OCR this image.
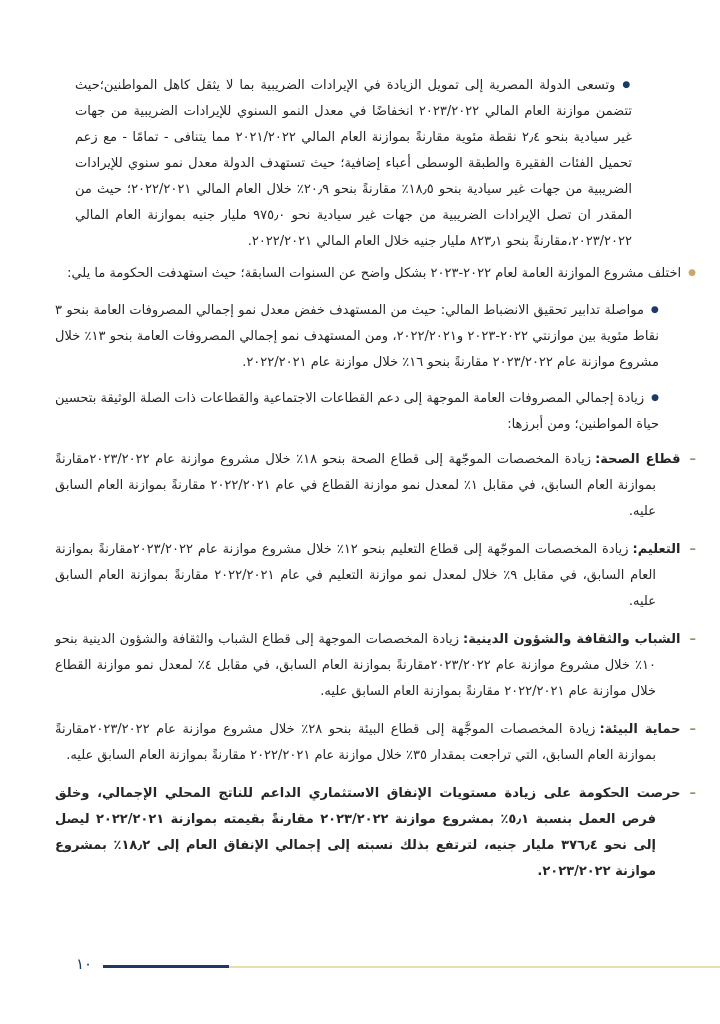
●وتسعى الدولة المصرية إلى تمويل الزيادة في الإيرادات الضريبية بما لا يثقل كاهل المواطنين؛حيث تتضمن موازنة العام المالي ٢٠٢٣/٢٠٢٢ انخفاضًا في معدل النمو السنوي للإيرادات الضريبية من جهات غير سيادية بنحو ٢٫٤ نقطة مئوية مقارنةً بموازنة العام المالي ٢٠٢١/٢٠٢٢ مما يتنافى - تمامًا - مع زعم تحميل الفئات الفقيرة والطبقة الوسطى أعباء إضافية؛ حيث تستهدف الدولة معدل نمو سنوي للإيرادات الضريبية من جهات غير سيادية بنحو ١٨٫٥٪ مقارنةً بنحو ٢٠٫٩٪ خلال العام المالي ٢٠٢٢/٢٠٢١؛ حيث من المقدر ان تصل الإيرادات الضريبية من جهات غير سيادية نحو ٩٧٥٫٠ مليار جنيه بموازنة العام المالي ٢٠٢٣/٢٠٢٢،مقارنةً بنحو ٨٢٣٫١ مليار جنيه خلال العام المالي ٢٠٢٢/٢٠٢١.
●اختلف مشروع الموازنة العامة لعام ٢٠٢٢-٢٠٢٣ بشكل واضح عن السنوات السابقة؛ حيث استهدفت الحكومة ما يلي:
●مواصلة تدابير تحقيق الانضباط المالي: حيث من المستهدف خفض معدل نمو إجمالي المصروفات العامة بنحو ٣ نقاط مئوية بين موازنتي ٢٠٢٢-٢٠٢٣ و٢٠٢٢/٢٠٢١، ومن المستهدف نمو إجمالي المصروفات العامة بنحو ١٣٪ خلال مشروع موازنة عام ٢٠٢٣/٢٠٢٢ مقارنةً بنحو ١٦٪ خلال موازنة عام ٢٠٢٢/٢٠٢١.
●زيادة إجمالي المصروفات العامة الموجهة إلى دعم القطاعات الاجتماعية والقطاعات ذات الصلة الوثيقة بتحسين حياة المواطنين؛ ومن أبرزها:
–قطاع الصحة:زيادة المخصصات الموجّهة إلى قطاع الصحة بنحو ١٨٪ خلال مشروع موازنة عام ٢٠٢٣/٢٠٢٢مقارنةً بموازنة العام السابق، في مقابل ١٪ لمعدل نمو موازنة القطاع في عام ٢٠٢٢/٢٠٢١ مقارنةً بموازنة العام السابق عليه.
–التعليم:زيادة المخصصات الموجّهة إلى قطاع التعليم بنحو ١٢٪ خلال مشروع موازنة عام ٢٠٢٣/٢٠٢٢مقارنةً بموازنة العام السابق، في مقابل ٩٪ خلال لمعدل نمو موازنة التعليم في عام ٢٠٢٢/٢٠٢١ مقارنةً بموازنة العام السابق عليه.
–الشباب والثقافة والشؤون الدينية:زيادة المخصصات الموجهة إلى قطاع الشباب والثقافة والشؤون الدينية بنحو ١٠٪ خلال مشروع موازنة عام ٢٠٢٣/٢٠٢٢مقارنةً بموازنة العام السابق، في مقابل ٤٪ لمعدل نمو موازنة القطاع خلال موازنة عام ٢٠٢٢/٢٠٢١ مقارنةً بموازنة العام السابق عليه.
–حماية البيئة:زيادة المخصصات الموجَّهة إلى قطاع البيئة بنحو ٢٨٪ خلال مشروع موازنة عام ٢٠٢٣/٢٠٢٢مقارنةً بموازنة العام السابق، التي تراجعت بمقدار ٣٥٪ خلال موازنة عام ٢٠٢٢/٢٠٢١ مقارنةً بموازنة العام السابق عليه.
–حرصت الحكومة على زيادة مستويات الإنفاق الاستثماري الداعم للناتج المحلي الإجمالي، وخلق فرص العمل بنسبة ٥٫١٪ بمشروع موازنة ٢٠٢٣/٢٠٢٢ مقارنةً بقيمته بموازنة ٢٠٢٢/٢٠٢١ ليصل إلى نحو ٣٧٦٫٤ مليار جنيه، لترتفع بذلك نسبته إلى إجمالي الإنفاق العام إلى ١٨٫٢٪ بمشروع موازنة ٢٠٢٣/٢٠٢٢.
١٠
